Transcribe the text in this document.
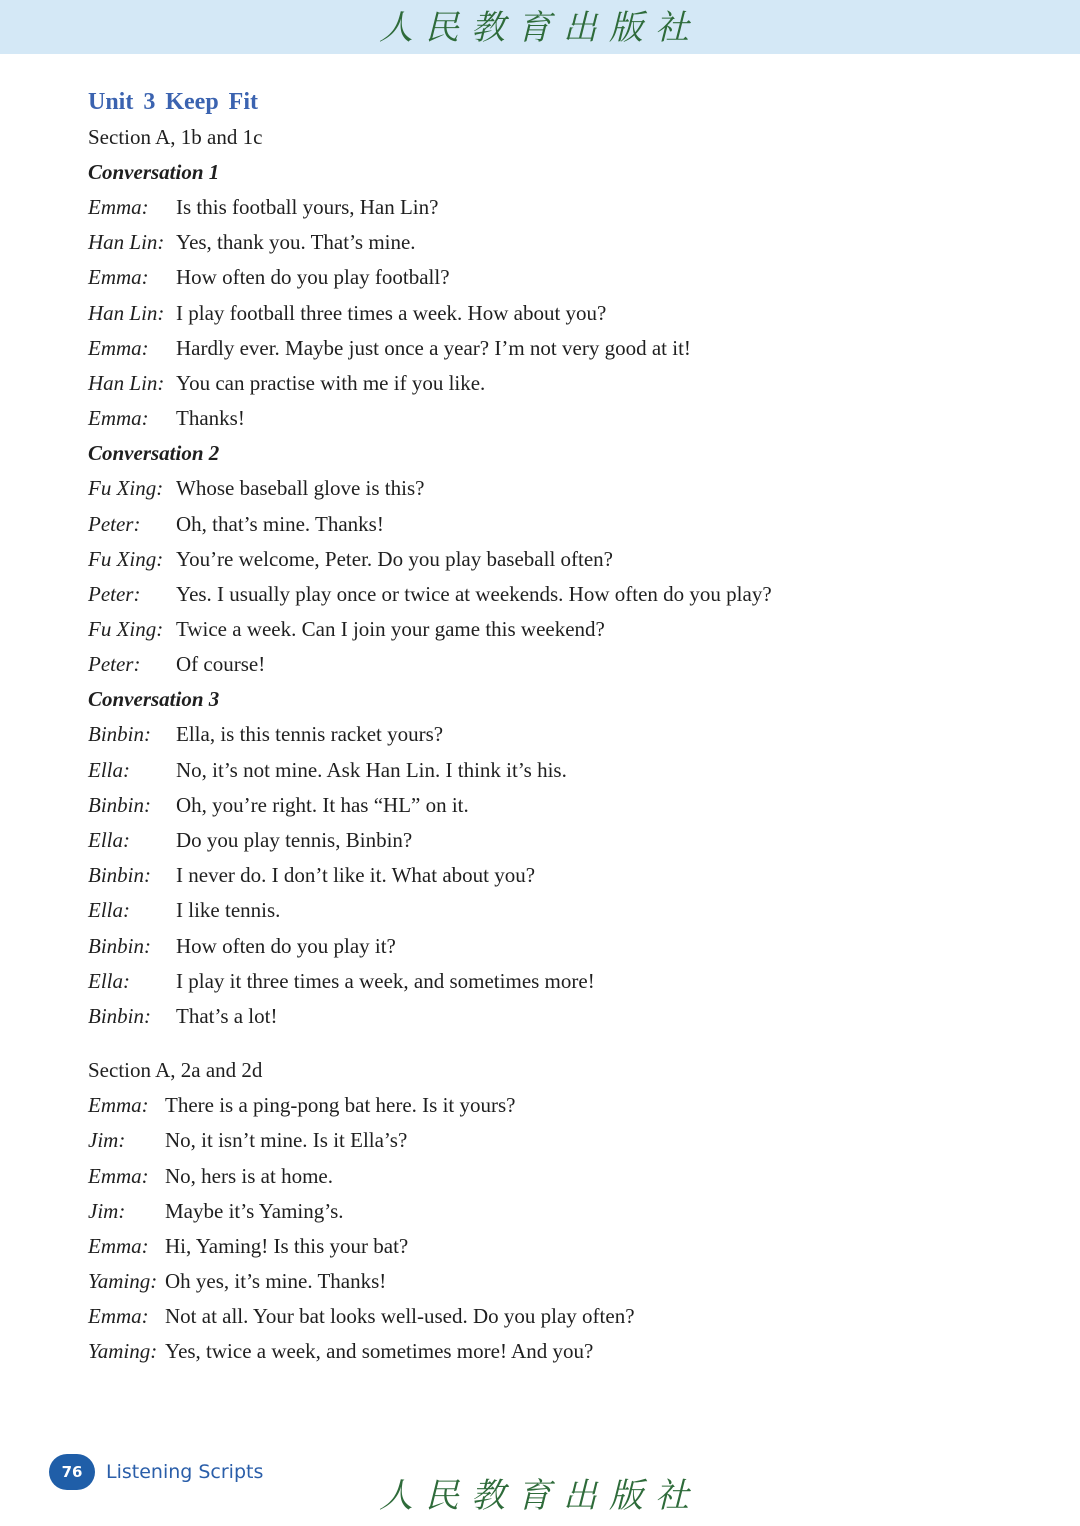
人民教育出版社
Unit 3 Keep Fit
Section A, 1b and 1c
Conversation 1
Emma:	Is this football yours, Han Lin?
Han Lin: Yes, thank you. That’s mine.
Emma:	How often do you play football?
Han Lin: I play football three times a week. How about you?
Emma:	Hardly ever. Maybe just once a year? I’m not very good at it!
Han Lin: You can practise with me if you like.
Emma:	Thanks!
Conversation 2
Fu Xing: Whose baseball glove is this?
Peter:	Oh, that’s mine. Thanks!
Fu Xing: You’re welcome, Peter. Do you play baseball often?
Peter:	Yes. I usually play once or twice at weekends. How often do you play?
Fu Xing: Twice a week. Can I join your game this weekend?
Peter:	Of course!
Conversation 3
Binbin:	Ella, is this tennis racket yours?
Ella:	No, it’s not mine. Ask Han Lin. I think it’s his.
Binbin:	Oh, you’re right. It has “HL” on it.
Ella:	Do you play tennis, Binbin?
Binbin:	I never do. I don’t like it. What about you?
Ella:	I like tennis.
Binbin:	How often do you play it?
Ella:	I play it three times a week, and sometimes more!
Binbin:	That’s a lot!
Section A, 2a and 2d
Emma: There is a ping-pong bat here. Is it yours?
Jim:	No, it isn’t mine. Is it Ella’s?
Emma: No, hers is at home.
Jim:	Maybe it’s Yaming’s.
Emma: Hi, Yaming! Is this your bat?
Yaming: Oh yes, it’s mine. Thanks!
Emma: Not at all. Your bat looks well-used. Do you play often?
Yaming: Yes, twice a week, and sometimes more! And you?
76	Listening Scripts
人民教育出版社
